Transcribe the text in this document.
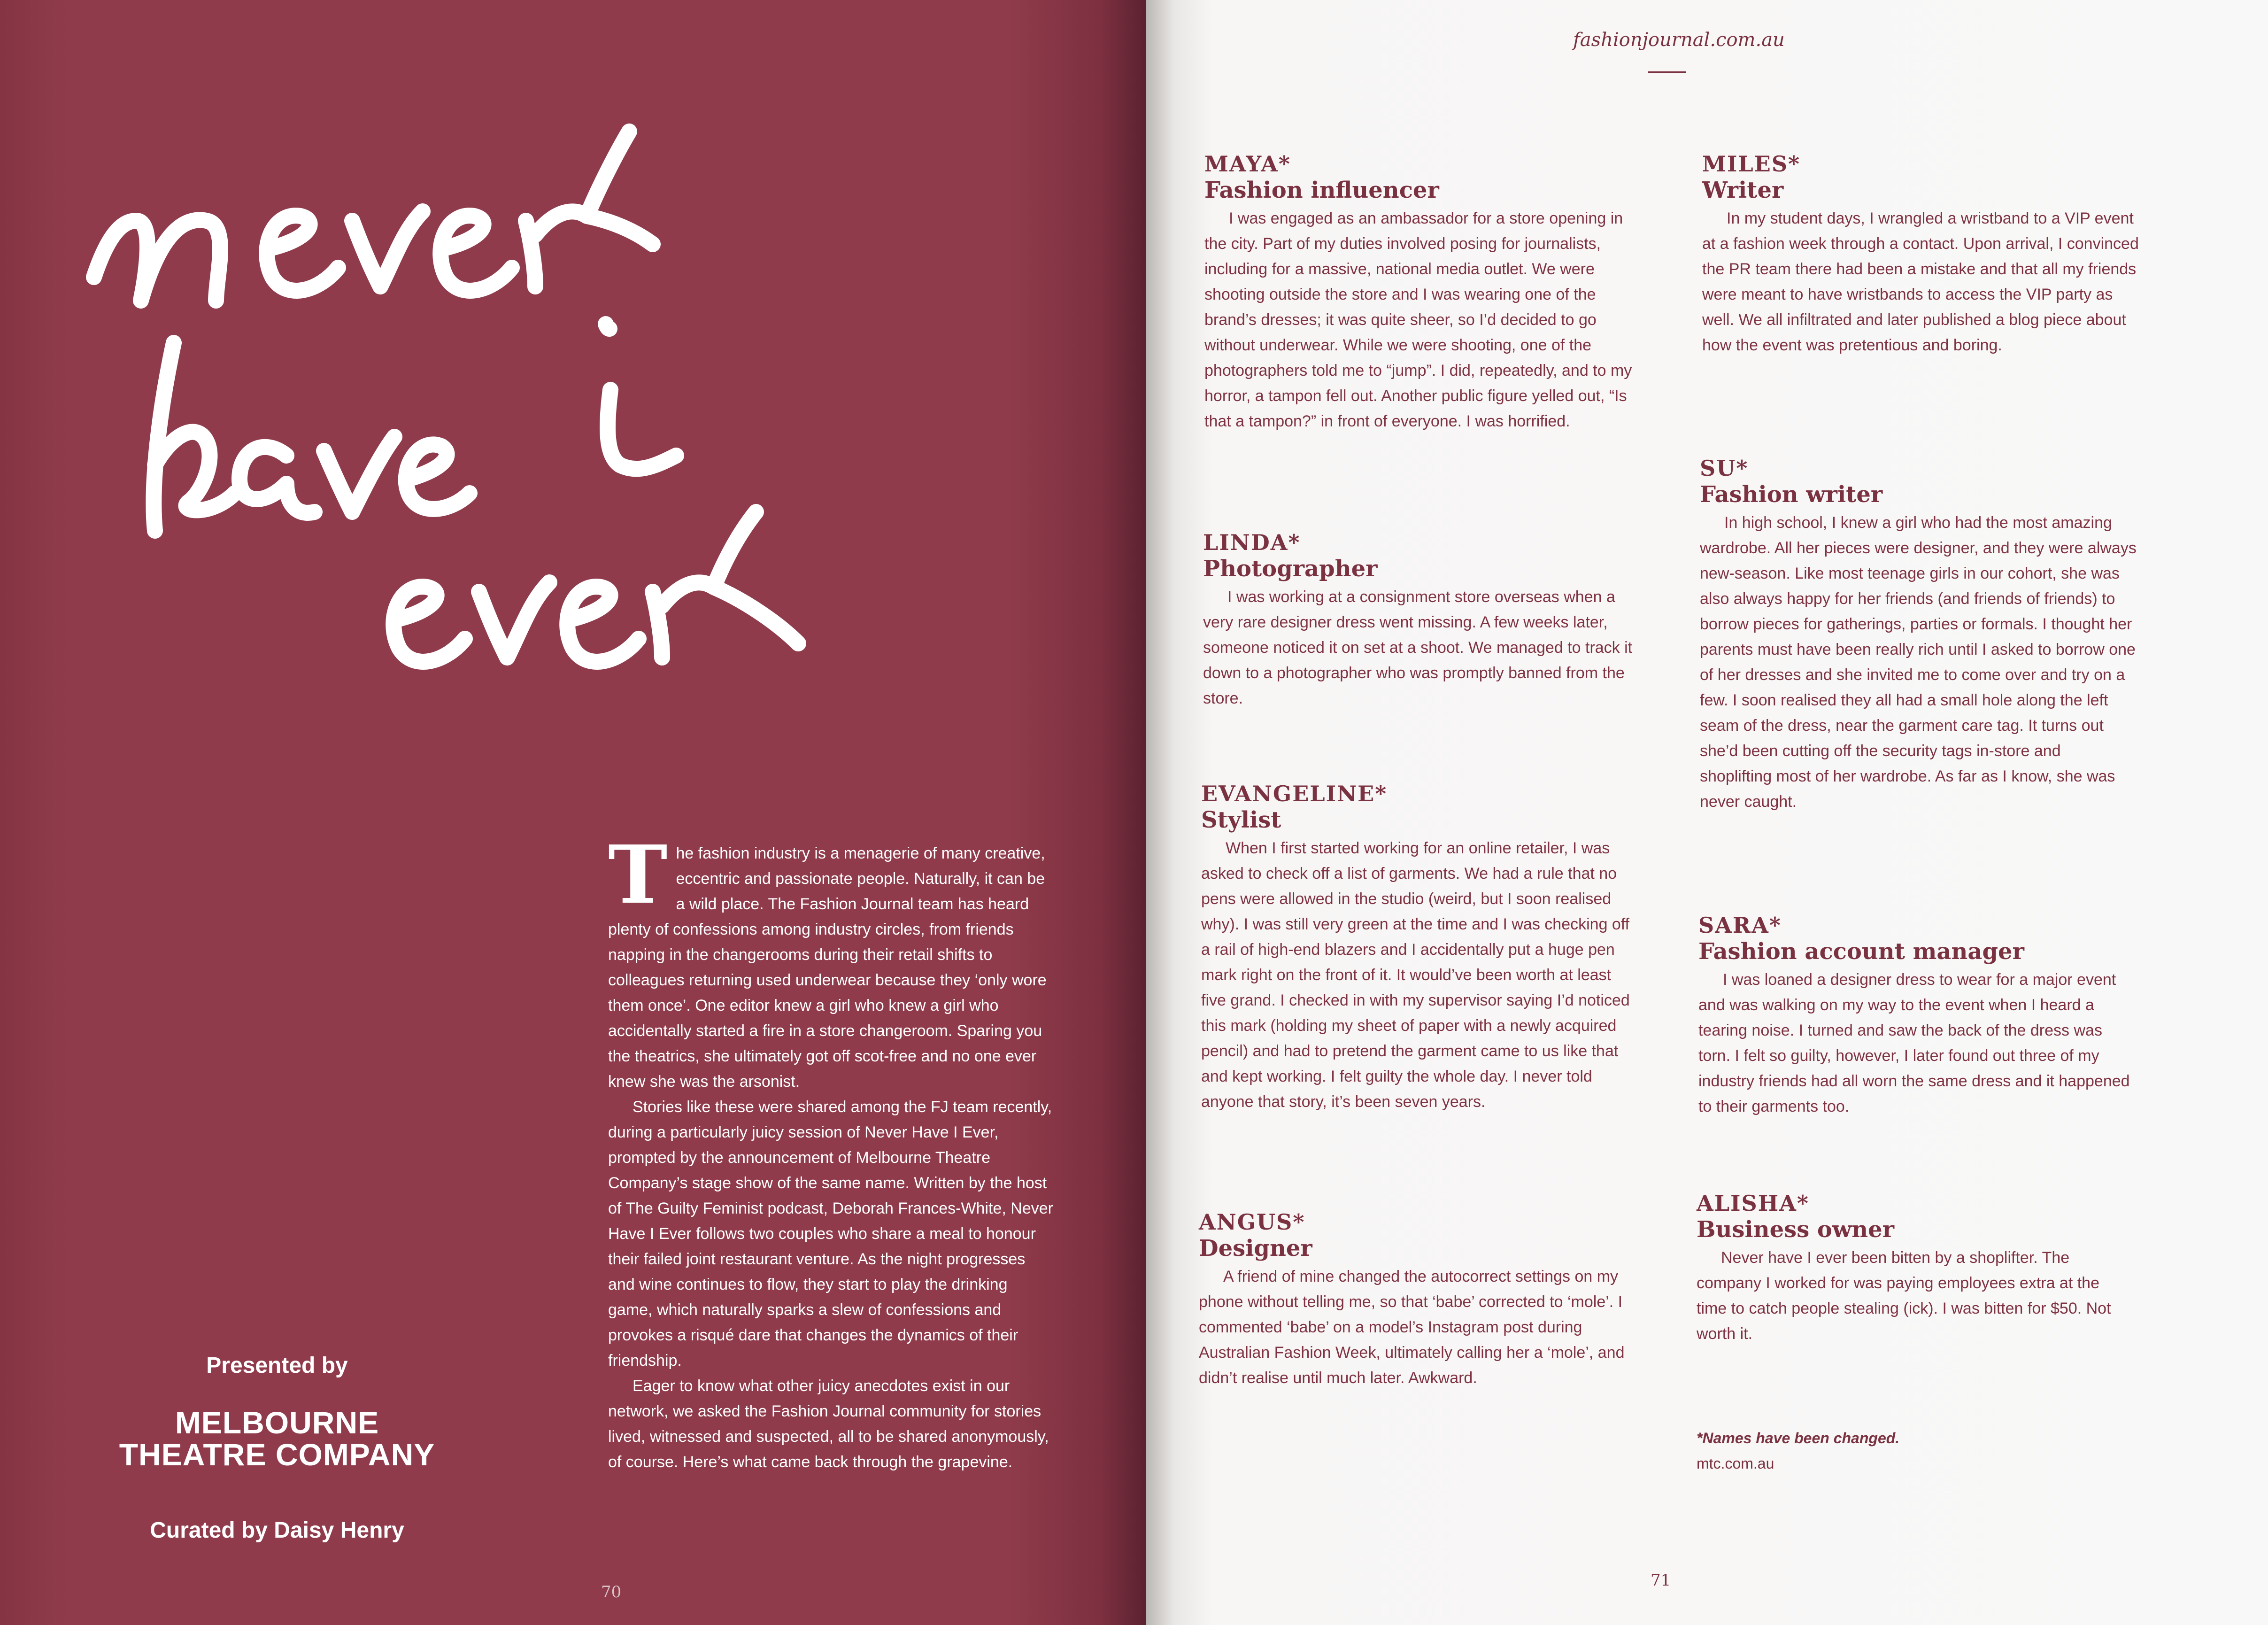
The fashion industry is a menagerie of many creative, eccentric and passionate people. Naturally, it can be a wild place. The Fashion Journal team has heard plenty of confessions among industry circles, from friends napping in the changerooms during their retail shifts to colleagues returning used underwear because they ‘only wore them once’. One editor knew a girl who knew a girl who accidentally started a fire in a store changeroom. Sparing you the theatrics, she ultimately got off scot-free and no one ever knew she was the arsonist.

Stories like these were shared among the FJ team recently, during a particularly juicy session of Never Have I Ever, prompted by the announcement of Melbourne Theatre Company’s stage show of the same name. Written by the host of The Guilty Feminist podcast, Deborah Frances-White, Never Have I Ever follows two couples who share a meal to honour their failed joint restaurant venture. As the night progresses and wine continues to flow, they start to play the drinking game, which naturally sparks a slew of confessions and provokes a risqué dare that changes the dynamics of their friendship.

Eager to know what other juicy anecdotes exist in our network, we asked the Fashion Journal community for stories lived, witnessed and suspected, all to be shared anonymously, of course. Here’s what came back through the grapevine.

Presented by
MELBOURNE
THEATRE COMPANY
Curated by Daisy Henry
70
fashionjournal.com.au
MAYA*
Fashion influencer
I was engaged as an ambassador for a store opening in the city. Part of my duties involved posing for journalists, including for a massive, national media outlet. We were shooting outside the store and I was wearing one of the brand’s dresses; it was quite sheer, so I’d decided to go without underwear. While we were shooting, one of the photographers told me to “jump”. I did, repeatedly, and to my horror, a tampon fell out. Another public figure yelled out, “Is that a tampon?” in front of everyone. I was horrified.
LINDA*
Photographer
I was working at a consignment store overseas when a very rare designer dress went missing. A few weeks later, someone noticed it on set at a shoot. We managed to track it down to a photographer who was promptly banned from the store.
EVANGELINE*
Stylist
When I first started working for an online retailer, I was asked to check off a list of garments. We had a rule that no pens were allowed in the studio (weird, but I soon realised why). I was still very green at the time and I was checking off a rail of high-end blazers and I accidentally put a huge pen mark right on the front of it. It would’ve been worth at least five grand. I checked in with my supervisor saying I’d noticed this mark (holding my sheet of paper with a newly acquired pencil) and had to pretend the garment came to us like that and kept working. I felt guilty the whole day. I never told anyone that story, it’s been seven years.
ANGUS*
Designer
A friend of mine changed the autocorrect settings on my phone without telling me, so that ‘babe’ corrected to ‘mole’. I commented ‘babe’ on a model’s Instagram post during Australian Fashion Week, ultimately calling her a ‘mole’, and didn’t realise until much later. Awkward.
MILES*
Writer
In my student days, I wrangled a wristband to a VIP event at a fashion week through a contact. Upon arrival, I convinced the PR team there had been a mistake and that all my friends were meant to have wristbands to access the VIP party as well. We all infiltrated and later published a blog piece about how the event was pretentious and boring.
SU*
Fashion writer
In high school, I knew a girl who had the most amazing wardrobe. All her pieces were designer, and they were always new-season. Like most teenage girls in our cohort, she was also always happy for her friends (and friends of friends) to borrow pieces for gatherings, parties or formals. I thought her parents must have been really rich until I asked to borrow one of her dresses and she invited me to come over and try on a few. I soon realised they all had a small hole along the left seam of the dress, near the garment care tag. It turns out she’d been cutting off the security tags in-store and shoplifting most of her wardrobe. As far as I know, she was never caught.
SARA*
Fashion account manager
I was loaned a designer dress to wear for a major event and was walking on my way to the event when I heard a tearing noise. I turned and saw the back of the dress was torn. I felt so guilty, however, I later found out three of my industry friends had all worn the same dress and it happened to their garments too.
ALISHA*
Business owner
Never have I ever been bitten by a shoplifter. The company I worked for was paying employees extra at the time to catch people stealing (ick). I was bitten for $50. Not worth it.
*Names have been changed.
mtc.com.au
71
